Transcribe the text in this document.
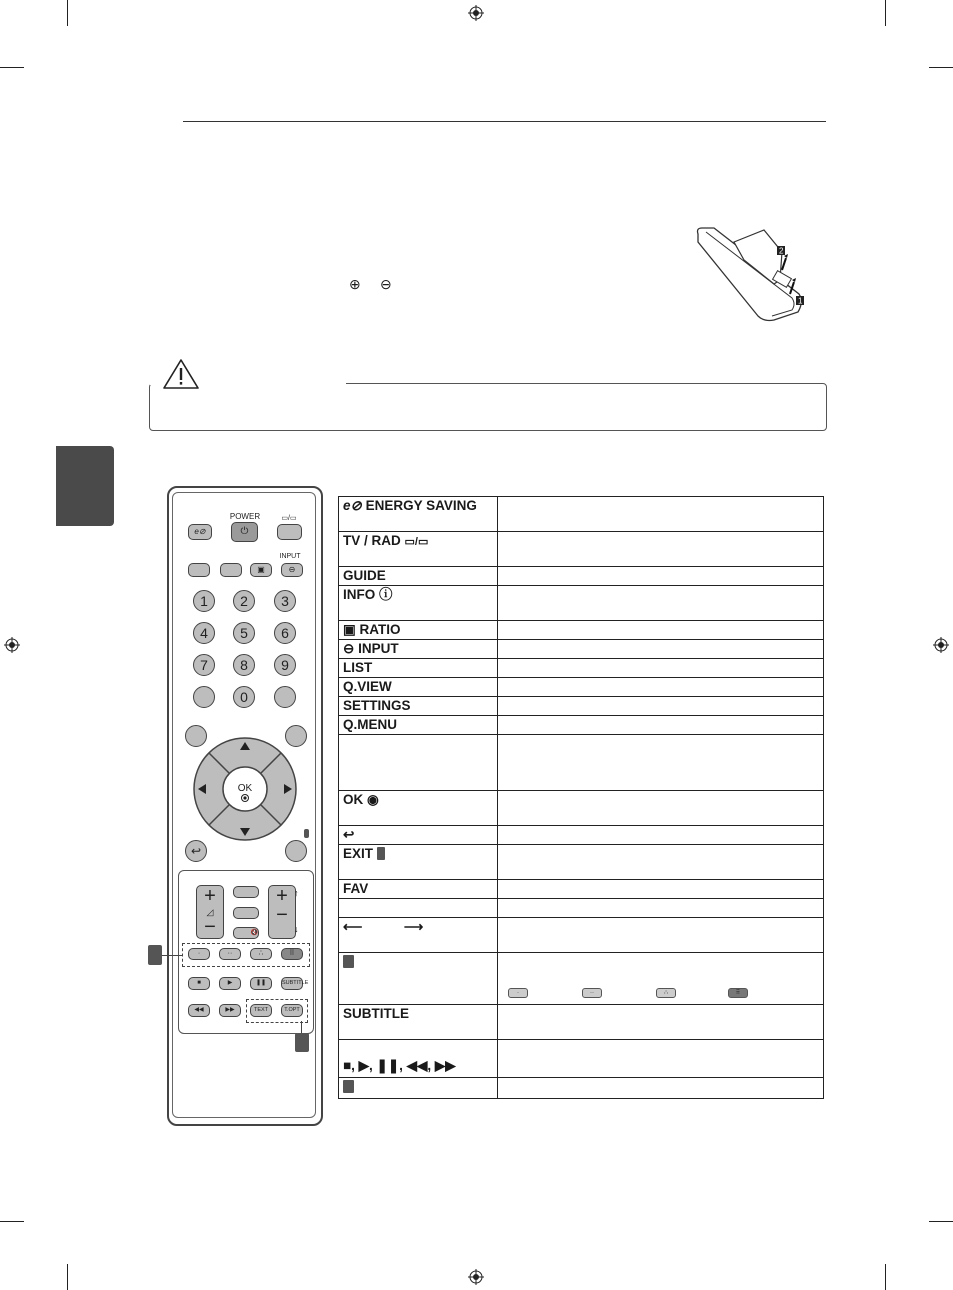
⊕ ⊖
2
1
e⊘ ENERGY SAVING	
TV / RAD ▭/▭	
GUIDE	
INFO ⓘ	
▣ RATIO	
⊖ INPUT	
LIST	
Q.VIEW	
SETTINGS	
Q.MENU	

OK ◉	
↩	
EXIT	
FAV	

⟵ ⟶	

	· ·· ∴ ⠿

SUBTITLE	
■, ▶, ❚❚, ◀◀, ▶▶	

POWER
e⊘	⏻
▭/▭
INPUT
▣	⊖
1	2	3
4	5	6
7	8	9
0
OK
↩
+
◿
−	🔇
+
−
↑
↓
·	··	∴	⠿
■	▶	❚❚	SUBTITLE
◀◀	▶▶	TEXT	T.OPT
